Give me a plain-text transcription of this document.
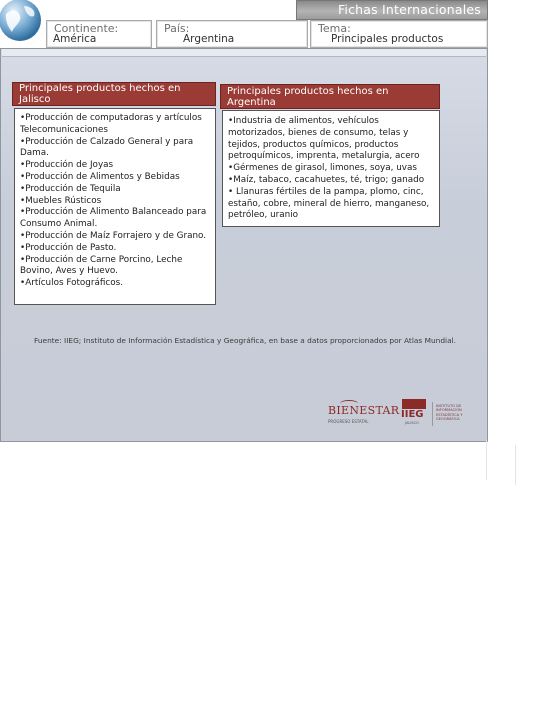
Fichas Internacionales
Continente:
América
País:
Argentina
Tema:
Principales productos
Principales productos hechos en Jalisco
•Producción de computadoras y artículos
Telecomunicaciones
•Producción de Calzado General y para
Dama.
•Producción de Joyas
•Producción de Alimentos y Bebidas
•Producción de Tequila
•Muebles Rústicos
•Producción de Alimento Balanceado para
Consumo Animal.
•Producción de Maíz Forrajero y de Grano.
•Producción de Pasto.
•Producción de Carne Porcino, Leche
Bovino, Aves y Huevo.
•Artículos Fotográficos.
Principales productos hechos en Argentina
•Industria de alimentos, vehículos
motorizados, bienes de consumo, telas y
tejidos, productos químicos, productos
petroquímicos, imprenta, metalurgia, acero
•Gérmenes de girasol, limones, soya, uvas
•Maíz, tabaco, cacahuetes, té, trigo; ganado
• Llanuras fértiles de la pampa, plomo, cinc,
estaño, cobre, mineral de hierro, manganeso,
petróleo, uranio
Fuente: IIEG; Instituto de Información Estadística y Geográfica, en base a datos proporcionados por Atlas Mundial.
BIENESTAR
PROGRESO ESTATAL
IIEG
JALISCO
INSTITUTO DE
INFORMACIÓN
ESTADÍSTICA Y
GEOGRÁFICA
